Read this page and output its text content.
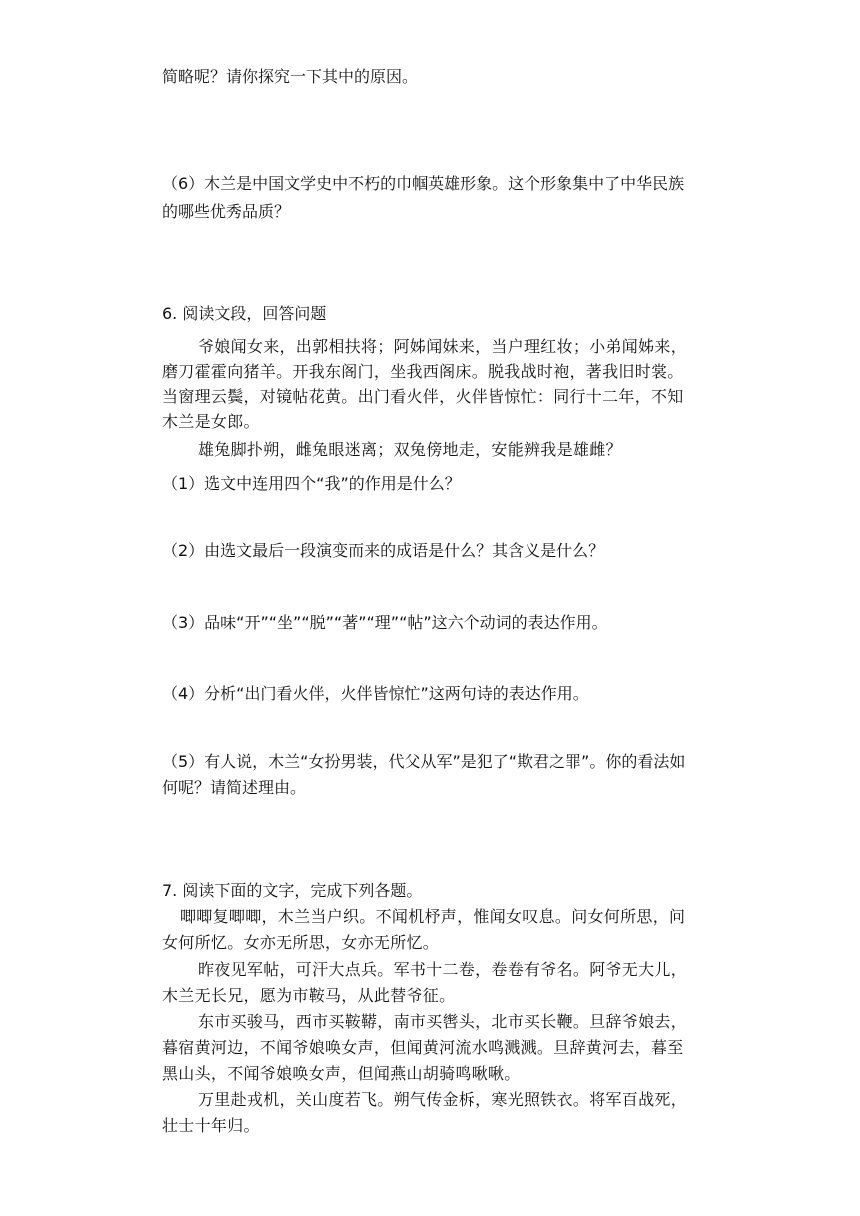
简略呢？请你探究一下其中的原因。
（6）木兰是中国文学史中不朽的巾帼英雄形象。这个形象集中了中华民族
的哪些优秀品质？
6. 阅读文段，回答问题
爷娘闻女来，出郭相扶将；阿姊闻妹来，当户理红妆；小弟闻姊来，
磨刀霍霍向猪羊。开我东阁门，坐我西阁床。脱我战时袍，著我旧时裳。
当窗理云鬓，对镜帖花黄。出门看火伴，火伴皆惊忙：同行十二年，不知
木兰是女郎。
雄兔脚扑朔，雌兔眼迷离；双兔傍地走，安能辨我是雄雌？
（1）选文中连用四个“我”的作用是什么？
（2）由选文最后一段演变而来的成语是什么？其含义是什么？
（3）品味“开”“坐”“脱”“著”“理”“帖”这六个动词的表达作用。
（4）分析“出门看火伴，火伴皆惊忙”这两句诗的表达作用。
（5）有人说，木兰“女扮男装，代父从军”是犯了“欺君之罪”。你的看法如
何呢？请简述理由。
7. 阅读下面的文字，完成下列各题。
唧唧复唧唧，木兰当户织。不闻机杼声，惟闻女叹息。问女何所思，问
女何所忆。女亦无所思，女亦无所忆。
昨夜见军帖，可汗大点兵。军书十二卷，卷卷有爷名。阿爷无大儿，
木兰无长兄，愿为市鞍马，从此替爷征。
东市买骏马，西市买鞍鞯，南市买辔头，北市买长鞭。旦辞爷娘去，
暮宿黄河边，不闻爷娘唤女声，但闻黄河流水鸣溅溅。旦辞黄河去，暮至
黑山头，不闻爷娘唤女声，但闻燕山胡骑鸣啾啾。
万里赴戎机，关山度若飞。朔气传金柝，寒光照铁衣。将军百战死，
壮士十年归。
